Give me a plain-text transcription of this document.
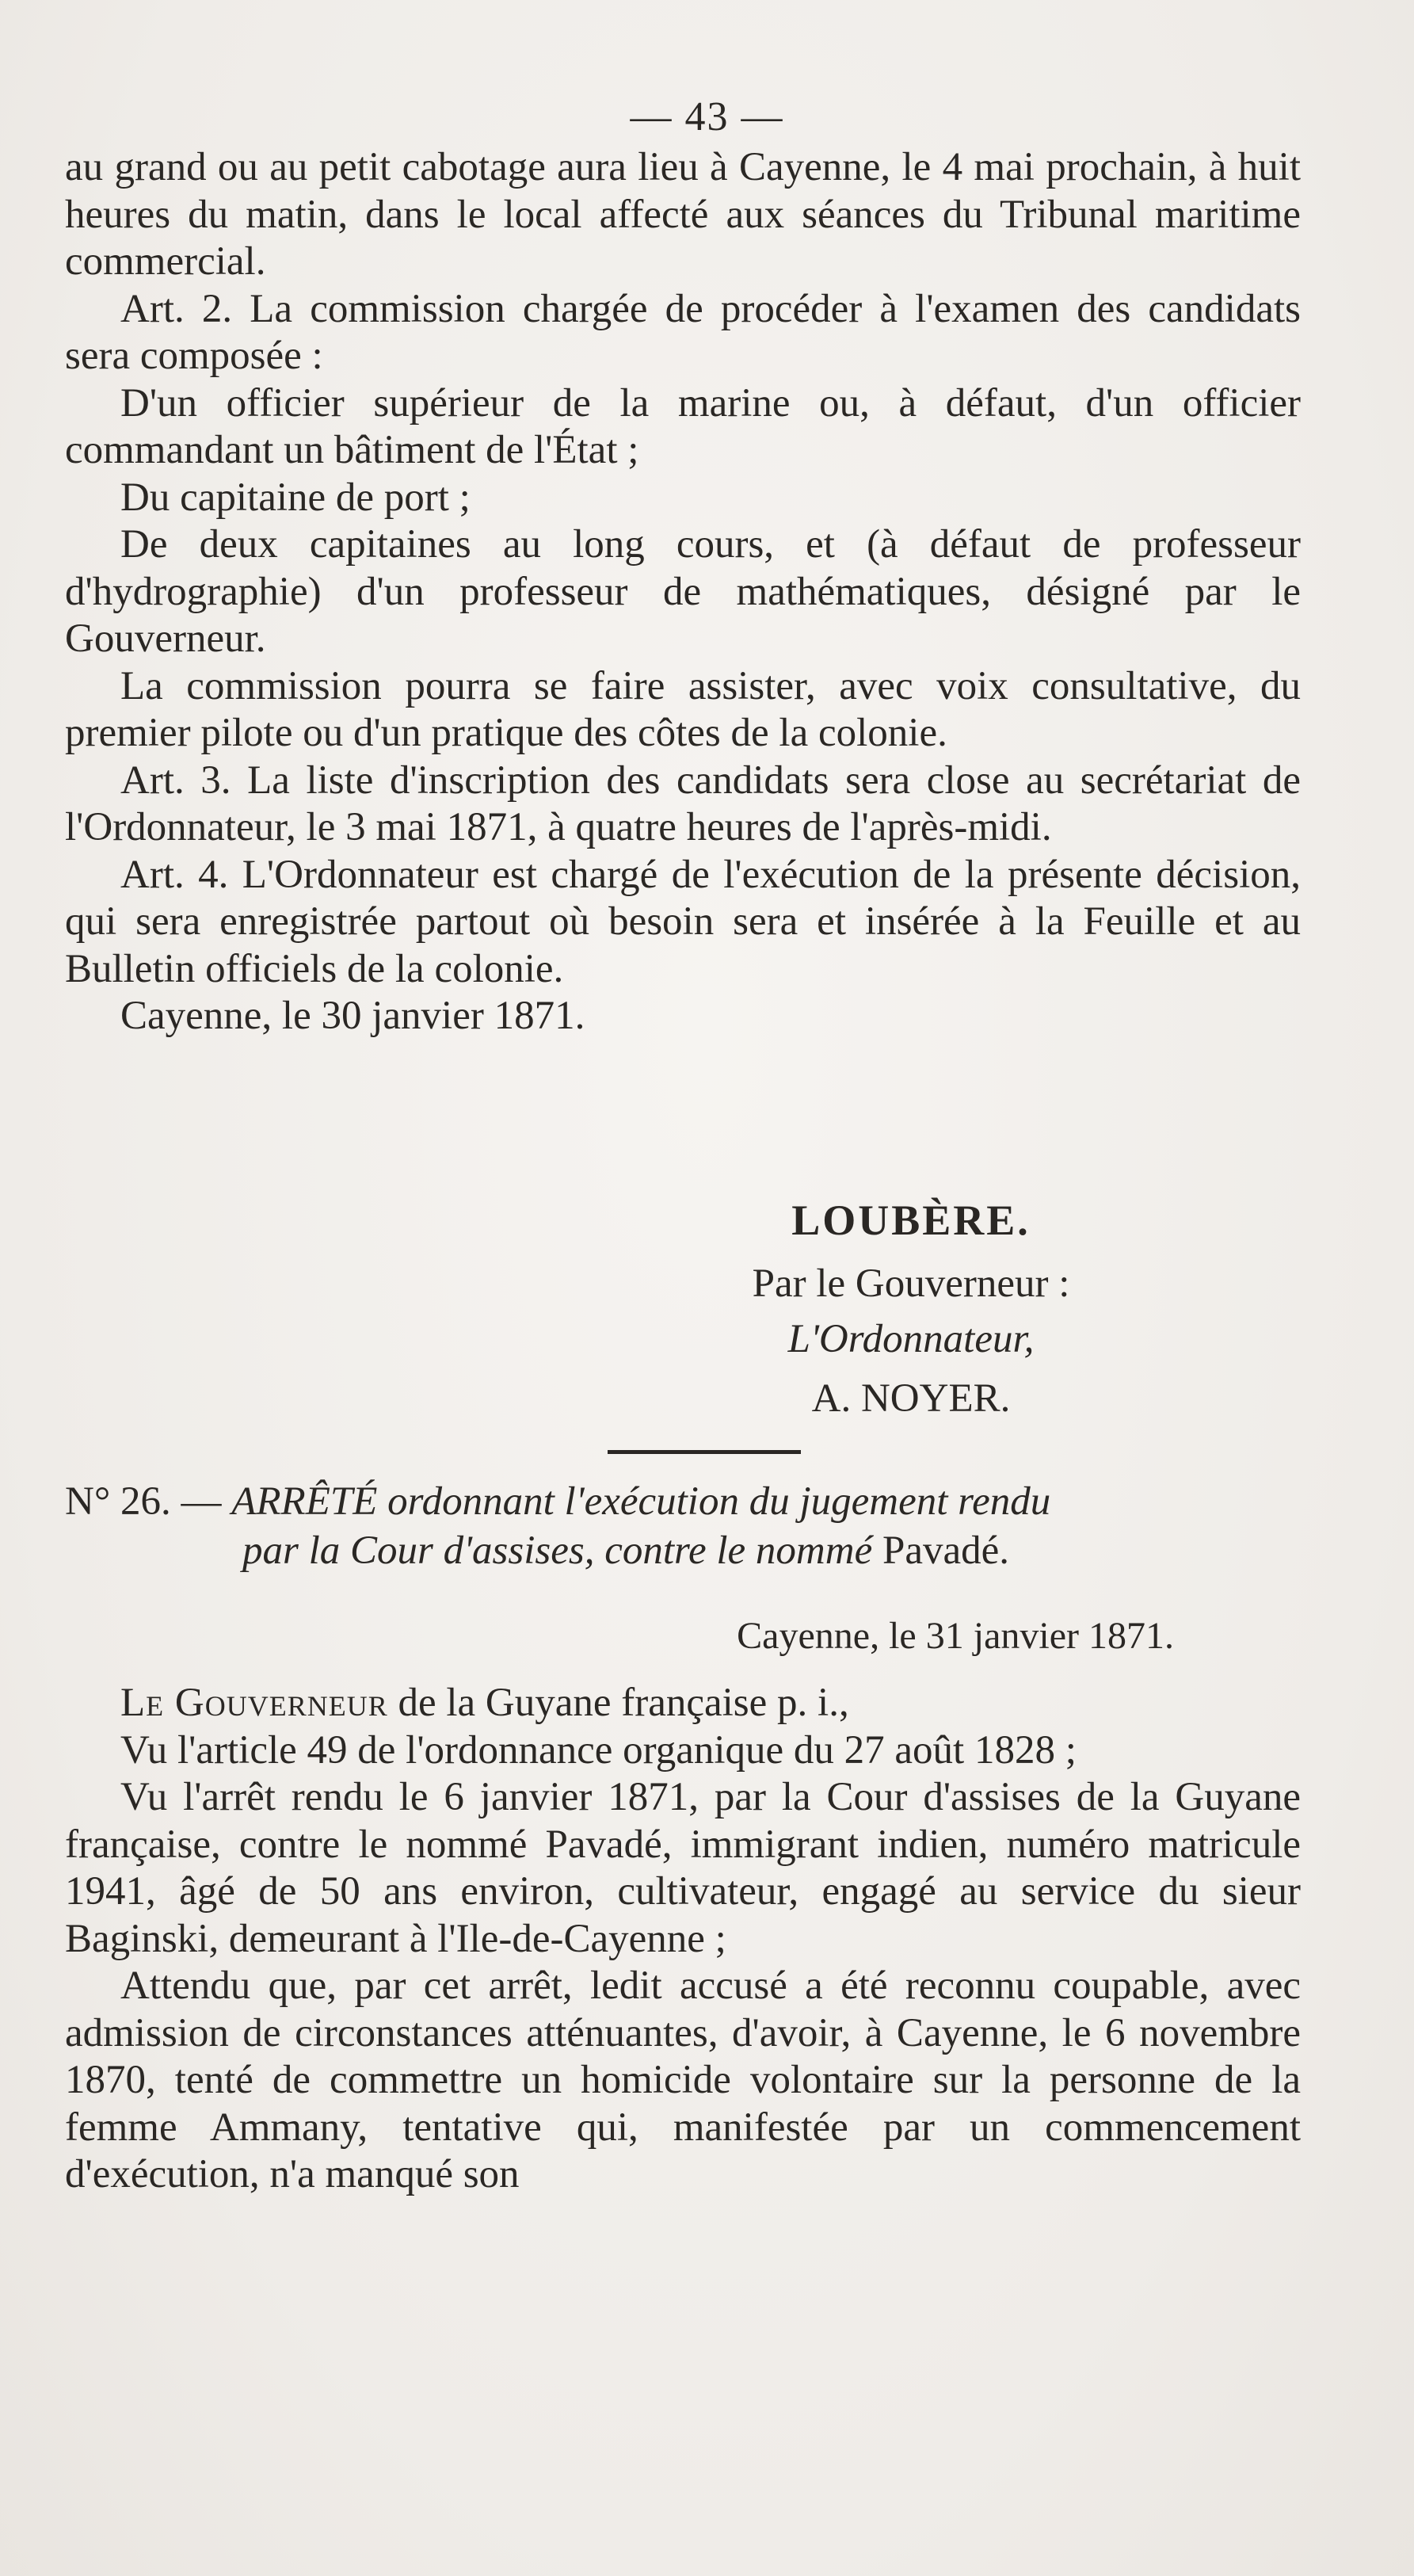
— 43 —

au grand ou au petit cabotage aura lieu à Cayenne, le 4 mai prochain, à huit heures du matin, dans le local affecté aux séances du Tribunal maritime commercial.

Art. 2. La commission chargée de procéder à l'examen des candidats sera composée :

D'un officier supérieur de la marine ou, à défaut, d'un officier commandant un bâtiment de l'État ;

Du capitaine de port ;

De deux capitaines au long cours, et (à défaut de professeur d'hydrographie) d'un professeur de mathématiques, désigné par le Gouverneur.

La commission pourra se faire assister, avec voix consultative, du premier pilote ou d'un pratique des côtes de la colonie.

Art. 3. La liste d'inscription des candidats sera close au secrétariat de l'Ordonnateur, le 3 mai 1871, à quatre heures de l'après-midi.

Art. 4. L'Ordonnateur est chargé de l'exécution de la présente décision, qui sera enregistrée partout où besoin sera et insérée à la Feuille et au Bulletin officiels de la colonie.

Cayenne, le 30 janvier 1871.

LOUBÈRE.

Par le Gouverneur :

L'Ordonnateur,

A. NOYER.

N° 26. — ARRÊTÉ ordonnant l'exécution du jugement rendu
par la Cour d'assises, contre le nommé Pavadé.

Cayenne, le 31 janvier 1871.

Le Gouverneur de la Guyane française p. i.,

Vu l'article 49 de l'ordonnance organique du 27 août 1828 ;

Vu l'arrêt rendu le 6 janvier 1871, par la Cour d'assises de la Guyane française, contre le nommé Pavadé, immigrant indien, numéro matricule 1941, âgé de 50 ans environ, cultivateur, engagé au service du sieur Baginski, demeurant à l'Ile-de-Cayenne ;

Attendu que, par cet arrêt, ledit accusé a été reconnu coupable, avec admission de circonstances atténuantes, d'avoir, à Cayenne, le 6 novembre 1870, tenté de commettre un homicide volontaire sur la personne de la femme Ammany, tentative qui, manifestée par un commencement d'exécution, n'a manqué son
